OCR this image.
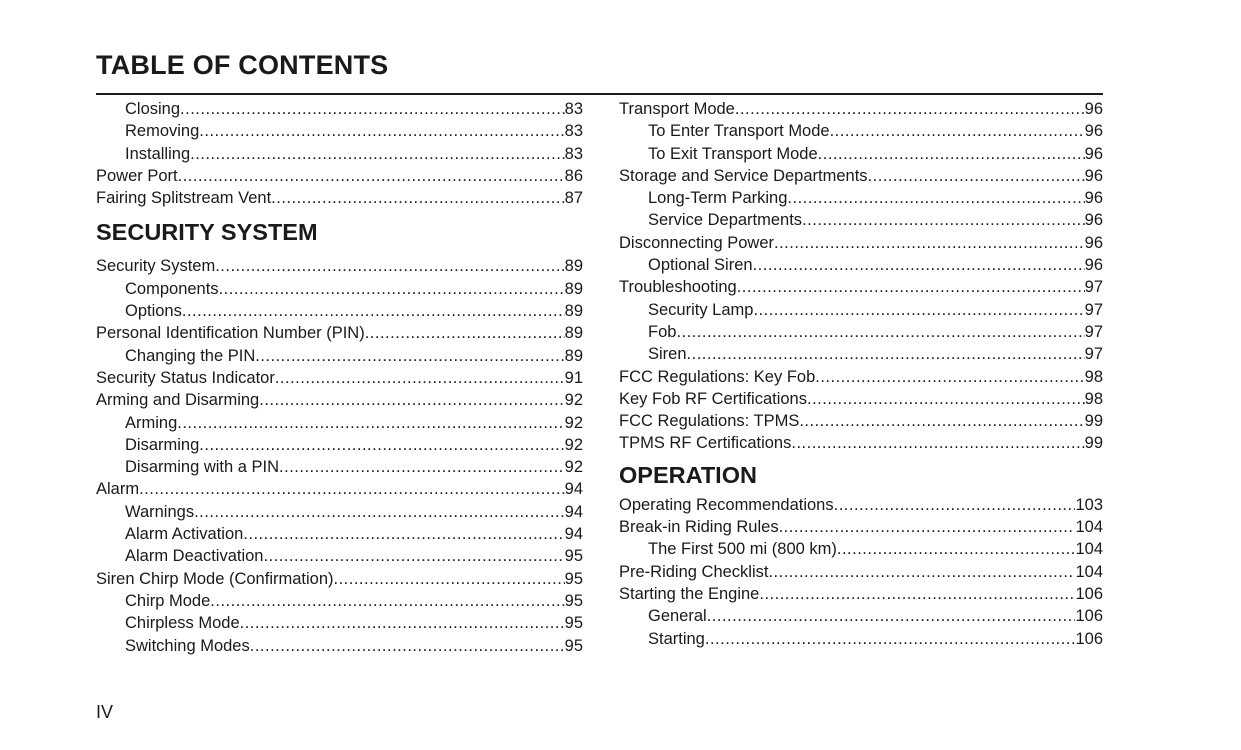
TABLE OF CONTENTS
Closing .....	83
Removing .....	83
Installing .....	83
Power Port .....	86
Fairing Splitstream Vent .....	87
SECURITY SYSTEM
Security System .....	89
Components .....	89
Options .....	89
Personal Identification Number (PIN) .....	89
Changing the PIN .....	89
Security Status Indicator .....	91
Arming and Disarming .....	92
Arming .....	92
Disarming .....	92
Disarming with a PIN .....	92
Alarm .....	94
Warnings .....	94
Alarm Activation .....	94
Alarm Deactivation .....	95
Siren Chirp Mode (Confirmation) .....	95
Chirp Mode .....	95
Chirpless Mode .....	95
Switching Modes .....	95
Transport Mode .....	96
To Enter Transport Mode .....	96
To Exit Transport Mode .....	96
Storage and Service Departments .....	96
Long-Term Parking .....	96
Service Departments .....	96
Disconnecting Power .....	96
Optional Siren .....	96
Troubleshooting .....	97
Security Lamp .....	97
Fob .....	97
Siren .....	97
FCC Regulations: Key Fob .....	98
Key Fob RF Certifications .....	98
FCC Regulations: TPMS .....	99
TPMS RF Certifications .....	99
OPERATION
Operating Recommendations .....	103
Break-in Riding Rules .....	104
The First 500 mi (800 km) .....	104
Pre-Riding Checklist .....	104
Starting the Engine .....	106
General .....	106
Starting .....	106
IV
